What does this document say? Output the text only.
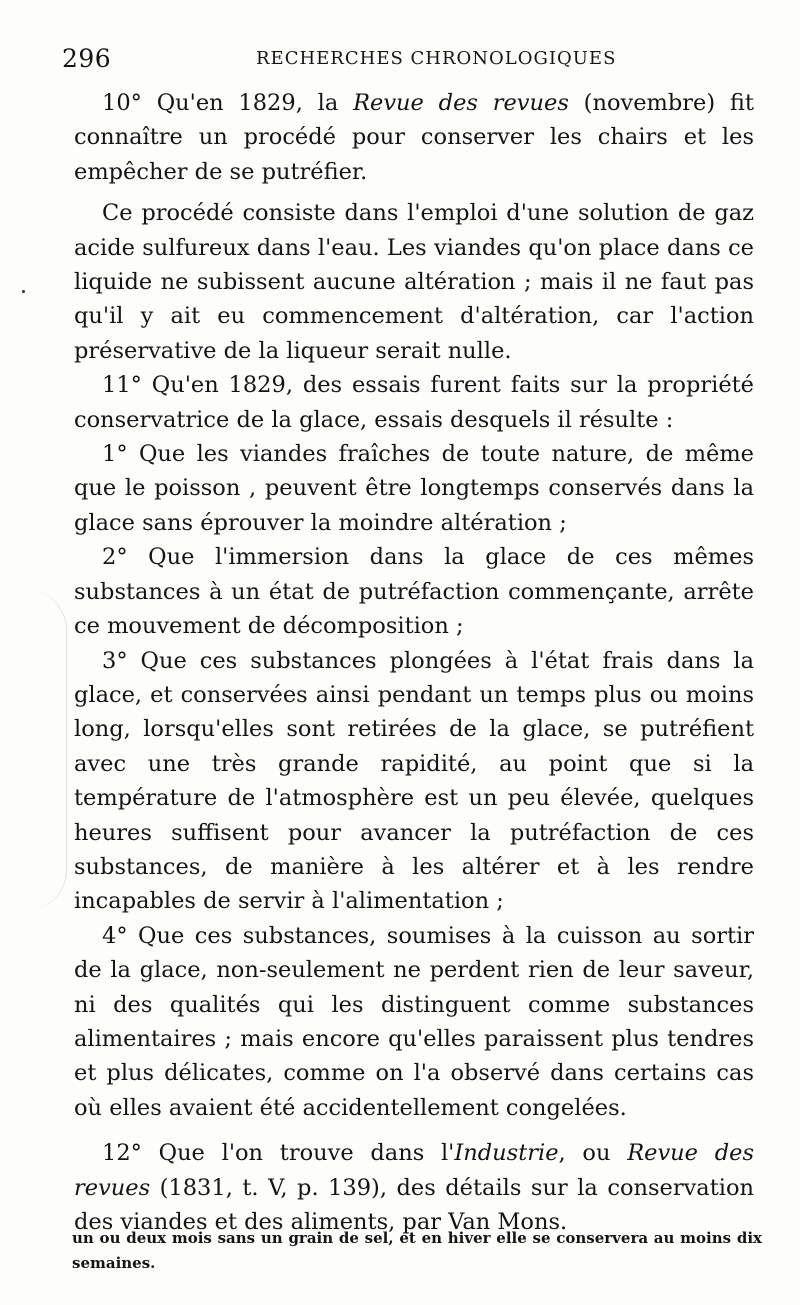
296	RECHERCHES CHRONOLOGIQUES

10° Qu'en 1829, la Revue des revues (novembre) fit connaître un procédé pour conserver les chairs et les empêcher de se putréfier.

Ce procédé consiste dans l'emploi d'une solution de gaz acide sulfureux dans l'eau. Les viandes qu'on place dans ce liquide ne subissent aucune altération ; mais il ne faut pas qu'il y ait eu commencement d'altération, car l'action préservative de la liqueur serait nulle.

11° Qu'en 1829, des essais furent faits sur la propriété conservatrice de la glace, essais desquels il résulte :

1° Que les viandes fraîches de toute nature, de même que le poisson , peuvent être longtemps conservés dans la glace sans éprouver la moindre altération ;

2° Que l'immersion dans la glace de ces mêmes substances à un état de putréfaction commençante, arrête ce mouvement de décomposition ;

3° Que ces substances plongées à l'état frais dans la glace, et conservées ainsi pendant un temps plus ou moins long, lorsqu'elles sont retirées de la glace, se putréfient avec une très grande rapidité, au point que si la température de l'atmosphère est un peu élevée, quelques heures suffisent pour avancer la putréfaction de ces substances, de manière à les altérer et à les rendre incapables de servir à l'alimentation ;

4° Que ces substances, soumises à la cuisson au sortir de la glace, non-seulement ne perdent rien de leur saveur, ni des qualités qui les distinguent comme substances alimentaires ; mais encore qu'elles paraissent plus tendres et plus délicates, comme on l'a observé dans certains cas où elles avaient été accidentellement congelées.

12° Que l'on trouve dans l'Industrie, ou Revue des revues (1831, t. V, p. 139), des détails sur la conservation des viandes et des aliments, par Van Mons.

un ou deux mois sans un grain de sel, et en hiver elle se conservera au moins dix semaines.
